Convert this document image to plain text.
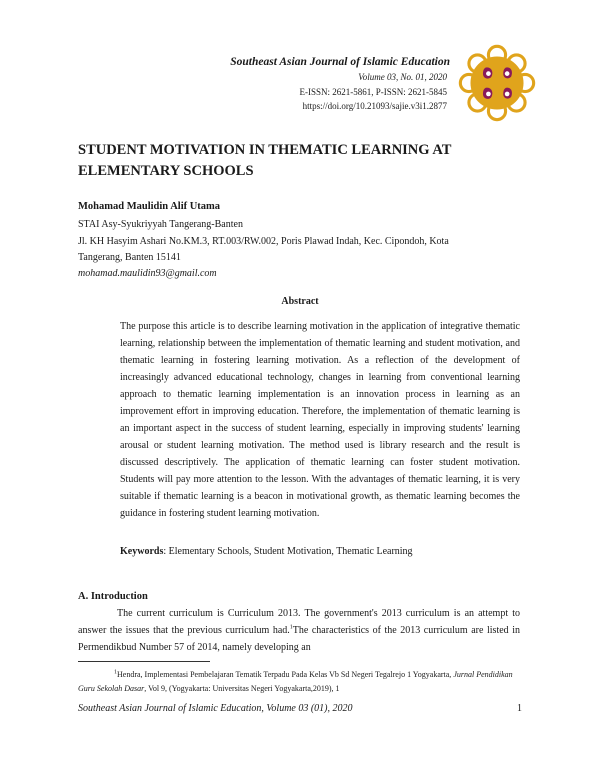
Southeast Asian Journal of Islamic Education
Volume 03, No. 01, 2020
E-ISSN: 2621-5861, P-ISSN: 2621-5845
https://doi.org/10.21093/sajie.v3i1.2877
STUDENT MOTIVATION IN THEMATIC LEARNING AT ELEMENTARY SCHOOLS
Mohamad Maulidin Alif Utama
STAI Asy-Syukriyyah Tangerang-Banten
Jl. KH Hasyim Ashari No.KM.3, RT.003/RW.002, Poris Plawad Indah, Kec. Cipondoh, Kota
Tangerang, Banten 15141
mohamad.maulidin93@gmail.com
Abstract
The purpose this article is to describe learning motivation in the application of integrative thematic learning, relationship between the implementation of thematic learning and student motivation, and thematic learning in fostering learning motivation. As a reflection of the development of increasingly advanced educational technology, changes in learning from conventional learning approach to thematic learning implementation is an innovation process in learning as an improvement effort in improving education. Therefore, the implementation of thematic learning is an important aspect in the success of student learning, especially in improving students' learning arousal or student learning motivation. The method used is library research and the result is discussed descriptively. The application of thematic learning can foster student motivation. Students will pay more attention to the lesson. With the advantages of thematic learning, it is very suitable if thematic learning is a beacon in motivational growth, as thematic learning becomes the guidance in fostering student learning motivation.
Keywords: Elementary Schools, Student Motivation, Thematic Learning
A. Introduction
The current curriculum is Curriculum 2013. The government's 2013 curriculum is an attempt to answer the issues that the previous curriculum had.$^1$The characteristics of the 2013 curriculum are listed in Permendikbud Number 57 of 2014, namely developing an
$^1$Hendra, Implementasi Pembelajaran Tematik Terpadu Pada Kelas Vb Sd Negeri Tegalrejo 1 Yogyakarta, Jurnal Pendidikan Guru Sekolah Dasar, Vol 9, (Yogyakarta: Universitas Negeri Yogyakarta,2019), 1
Southeast Asian Journal of Islamic Education, Volume 03 (01), 2020	1
